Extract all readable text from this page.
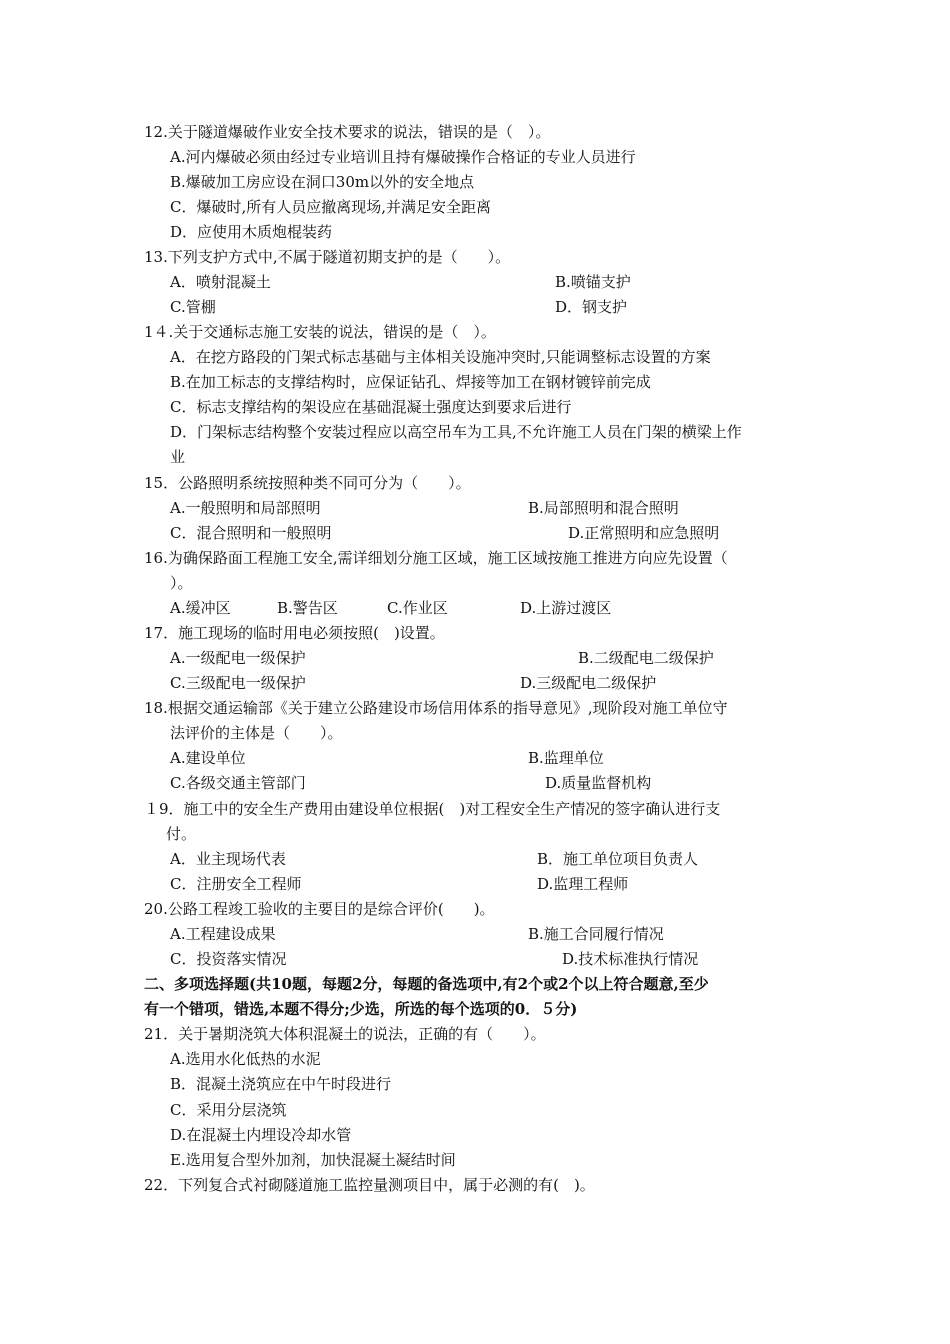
12.关于隧道爆破作业安全技术要求的说法，错误的是（　）。
A.河内爆破必须由经过专业培训且持有爆破操作合格证的专业人员进行
B.爆破加工房应设在洞口30m以外的安全地点
C．爆破时,所有人员应撤离现场,并满足安全距离
D．应使用木质炮棍装药
13.下列支护方式中,不属于隧道初期支护的是（　　）。
A．喷射混凝土	B.喷锚支护
C.管棚	D．钢支护
1４.关于交通标志施工安装的说法，错误的是（　）。
A．在挖方路段的门架式标志基础与主体相关设施冲突时,只能调整标志设置的方案
B.在加工标志的支撑结构时，应保证钻孔、焊接等加工在钢材镀锌前完成
C．标志支撑结构的架设应在基础混凝土强度达到要求后进行
D．门架标志结构整个安装过程应以高空吊车为工具,不允许施工人员在门架的横梁上作
业
15．公路照明系统按照种类不同可分为（　　）。
A.一般照明和局部照明	B.局部照明和混合照明
C．混合照明和一般照明	D.正常照明和应急照明
16.为确保路面工程施工安全,需详细划分施工区域，施工区域按施工推进方向应先设置（
）。
A.缓冲区	B.警告区	C.作业区	D.上游过渡区
17．施工现场的临时用电必须按照(　)设置。
A.一级配电一级保护	B.二级配电二级保护
C.三级配电一级保护	D.三级配电二级保护
18.根据交通运输部《关于建立公路建设市场信用体系的指导意见》,现阶段对施工单位守
法评价的主体是（　　）。
A.建设单位	B.监理单位
C.各级交通主管部门	D.质量监督机构
１9．施工中的安全生产费用由建设单位根据(　)对工程安全生产情况的签字确认进行支
付。
A．业主现场代表	B．施工单位项目负责人
C．注册安全工程师	D.监理工程师
20.公路工程竣工验收的主要目的是综合评价(　　)。
A.工程建设成果	B.施工合同履行情况
C．投资落实情况	D.技术标准执行情况
二、多项选择题(共10题，每题2分，每题的备选项中,有2个或2个以上符合题意,至少
有一个错项，错选,本题不得分;少选，所选的每个选项的0．５分)
21．关于暑期浇筑大体积混凝土的说法，正确的有（　　）。
A.选用水化低热的水泥
B．混凝土浇筑应在中午时段进行
C．采用分层浇筑
D.在混凝土内埋设冷却水管
E.选用复合型外加剂，加快混凝土凝结时间
22．下列复合式衬砌隧道施工监控量测项目中，属于必测的有(　)。
